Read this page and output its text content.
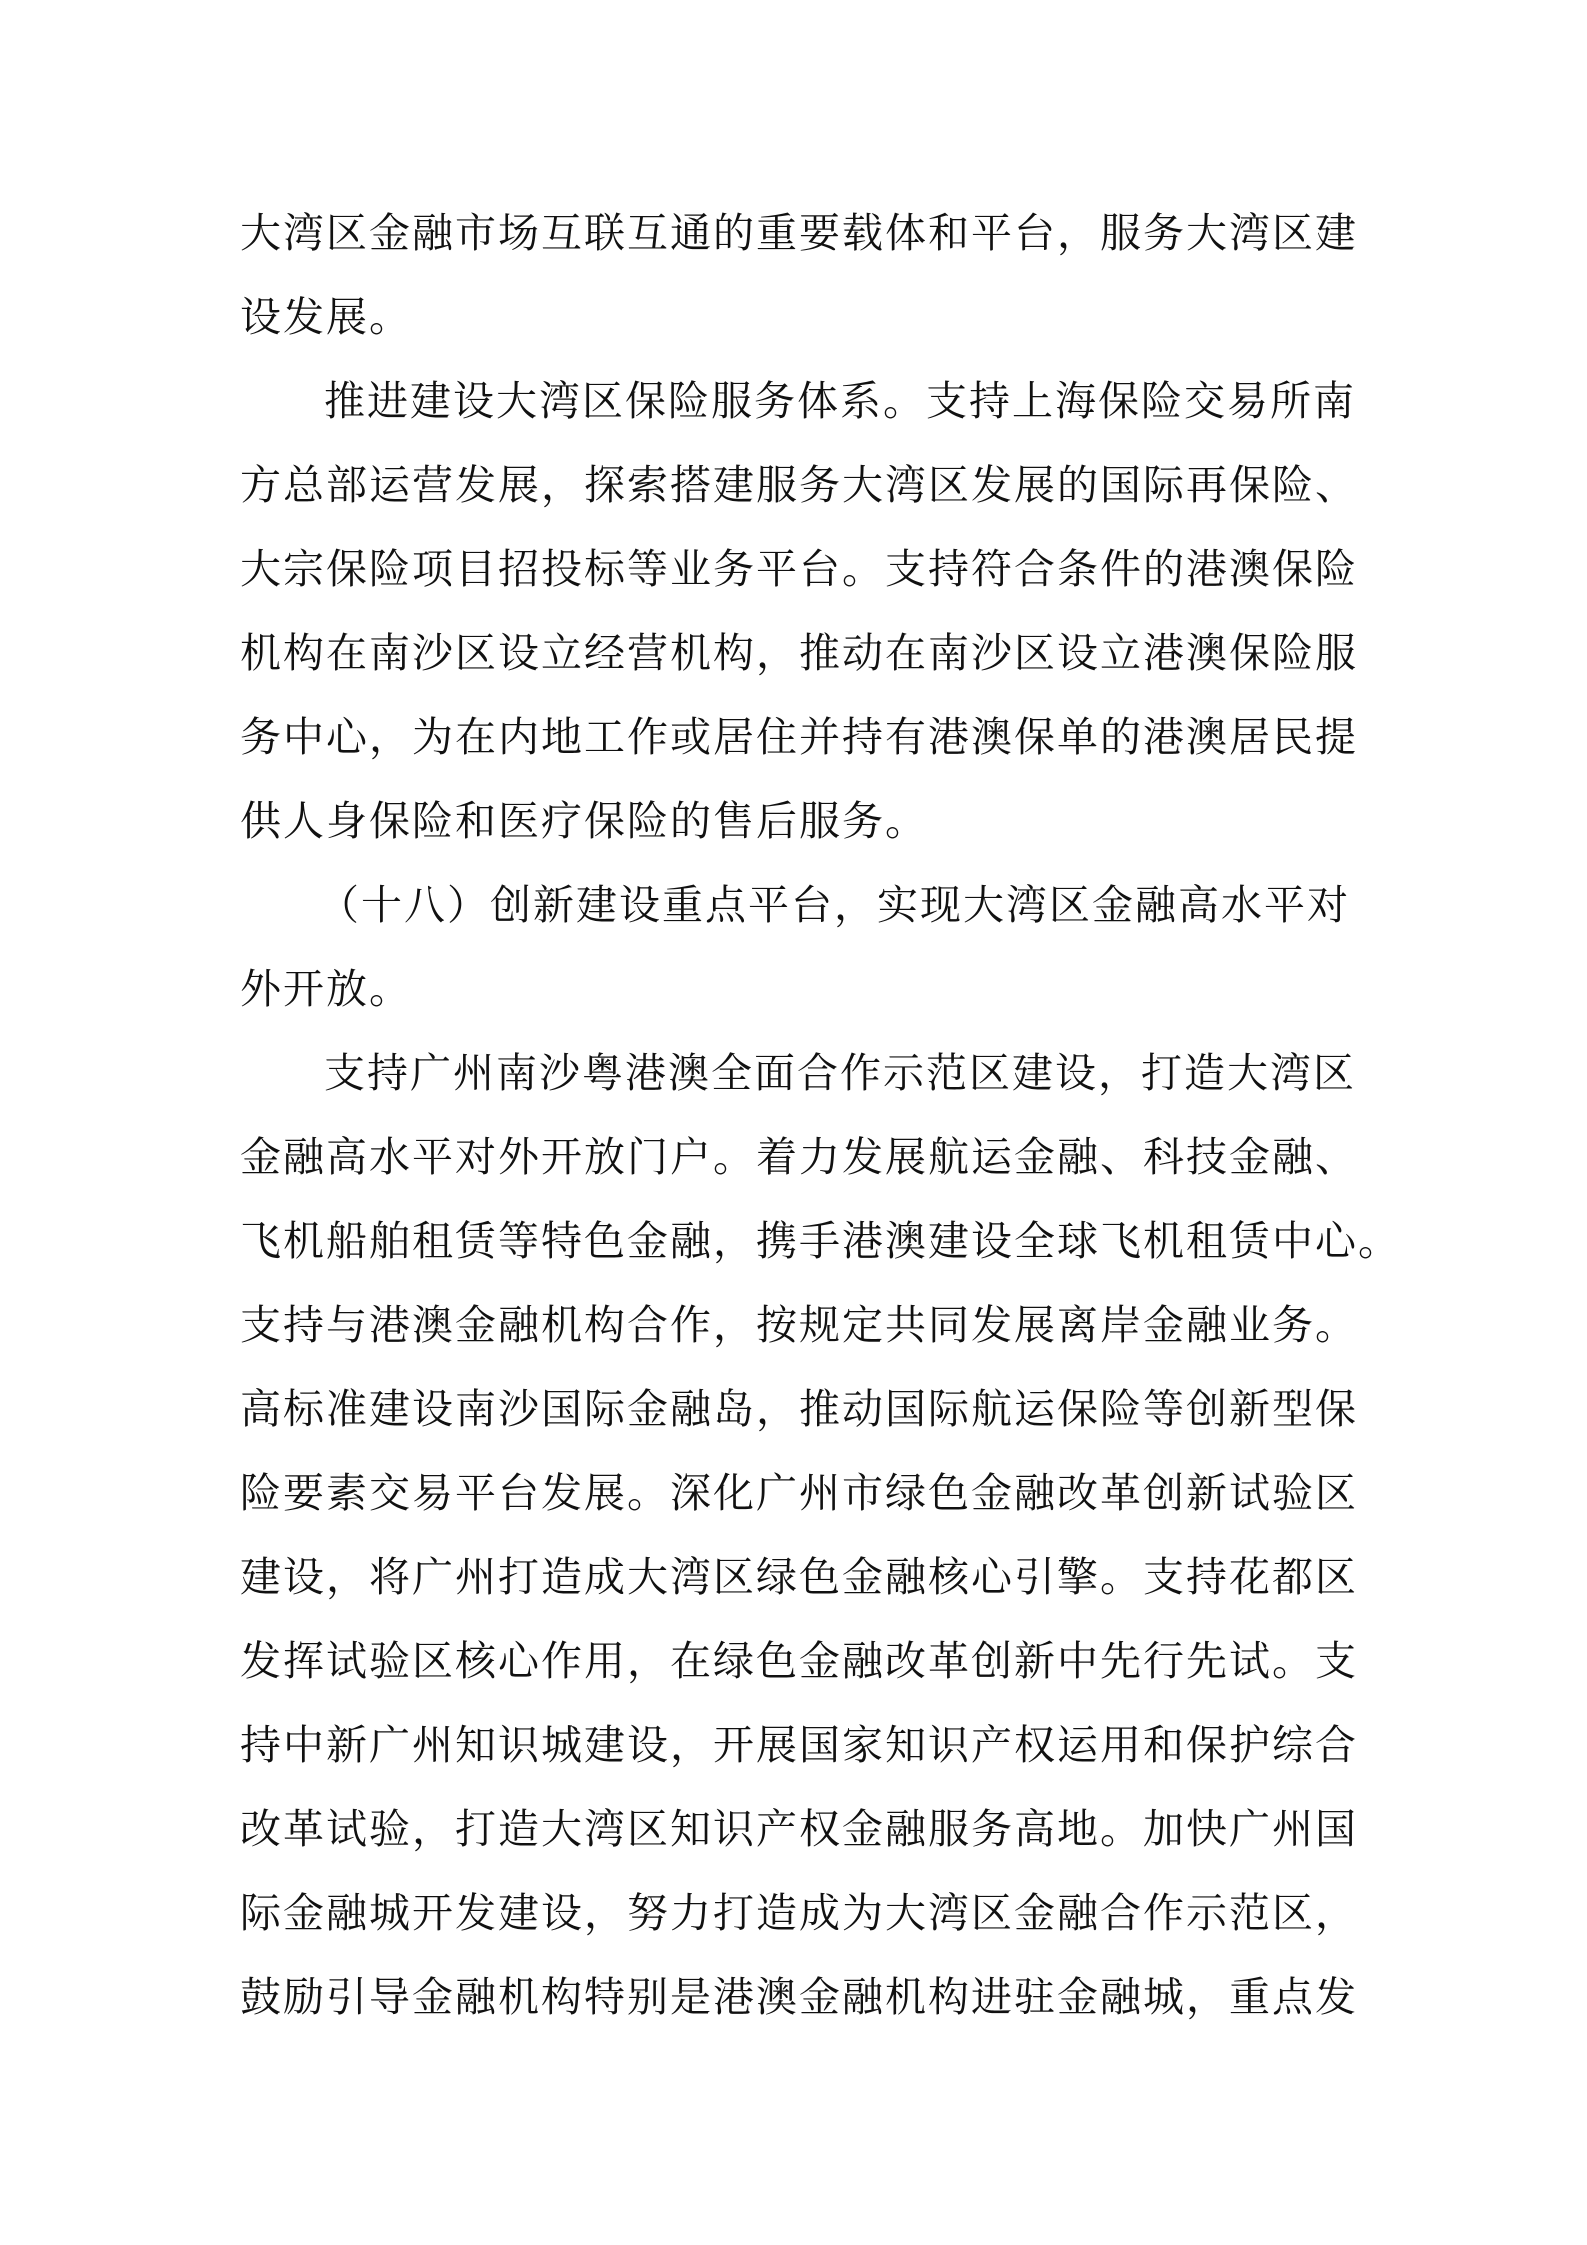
大湾区金融市场互联互通的重要载体和平台，服务大湾区建
设发展。
推进建设大湾区保险服务体系。支持上海保险交易所南
方总部运营发展，探索搭建服务大湾区发展的国际再保险、
大宗保险项目招投标等业务平台。支持符合条件的港澳保险
机构在南沙区设立经营机构，推动在南沙区设立港澳保险服
务中心，为在内地工作或居住并持有港澳保单的港澳居民提
供人身保险和医疗保险的售后服务。
（十八）创新建设重点平台，实现大湾区金融高水平对
外开放。
支持广州南沙粤港澳全面合作示范区建设，打造大湾区
金融高水平对外开放门户。着力发展航运金融、科技金融、
飞机船舶租赁等特色金融，携手港澳建设全球飞机租赁中心。
支持与港澳金融机构合作，按规定共同发展离岸金融业务。
高标准建设南沙国际金融岛，推动国际航运保险等创新型保
险要素交易平台发展。深化广州市绿色金融改革创新试验区
建设，将广州打造成大湾区绿色金融核心引擎。支持花都区
发挥试验区核心作用，在绿色金融改革创新中先行先试。支
持中新广州知识城建设，开展国家知识产权运用和保护综合
改革试验，打造大湾区知识产权金融服务高地。加快广州国
际金融城开发建设，努力打造成为大湾区金融合作示范区，
鼓励引导金融机构特别是港澳金融机构进驻金融城，重点发
